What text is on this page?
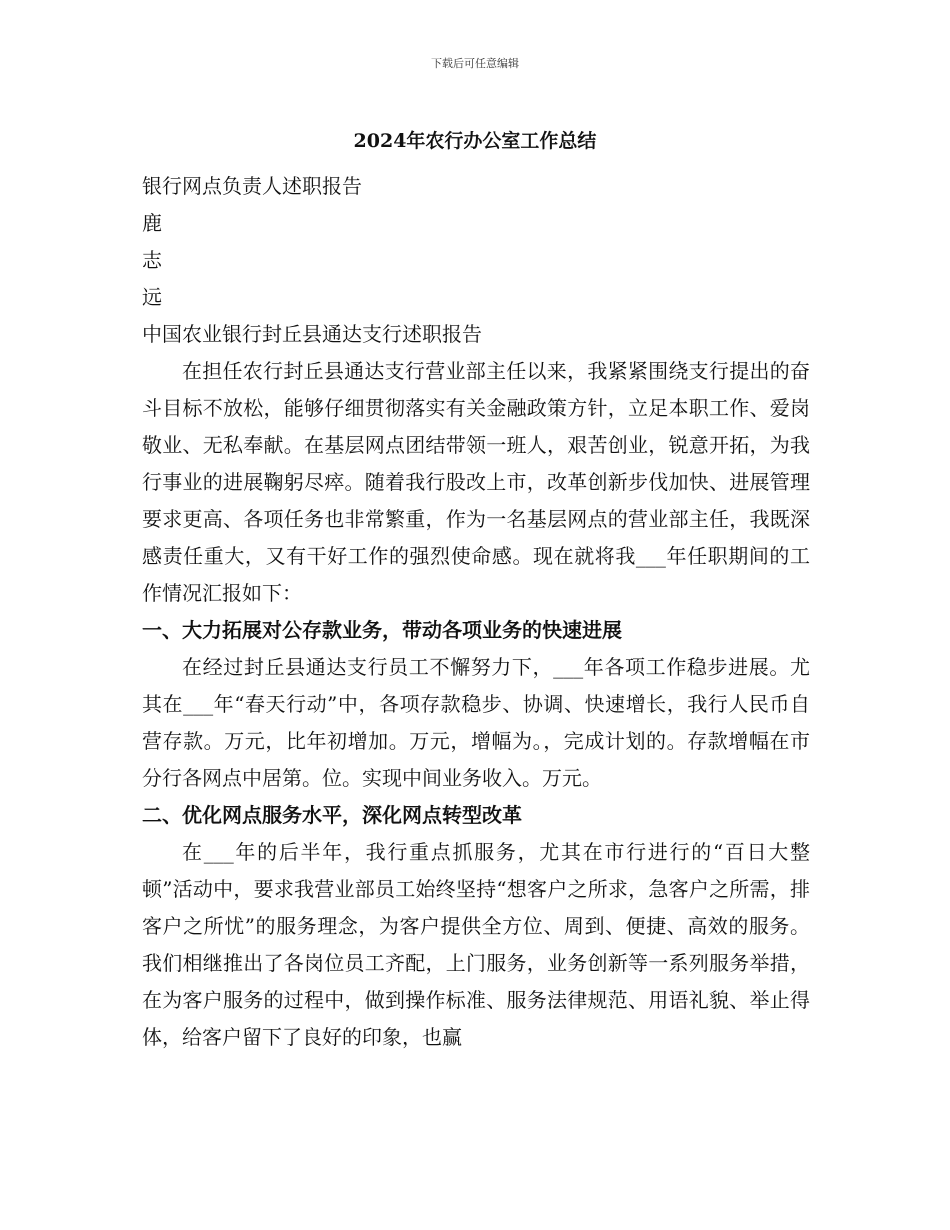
下载后可任意编辑
2024年农行办公室工作总结

银行网点负责人述职报告

鹿

志

远

中国农业银行封丘县通达支行述职报告

在担任农行封丘县通达支行营业部主任以来，我紧紧围绕支行提出的奋斗目标不放松，能够仔细贯彻落实有关金融政策方针，立足本职工作、爱岗敬业、无私奉献。在基层网点团结带领一班人，艰苦创业，锐意开拓，为我行事业的进展鞠躬尽瘁。随着我行股改上市，改革创新步伐加快、进展管理要求更高、各项任务也非常繁重，作为一名基层网点的营业部主任，我既深感责任重大，又有干好工作的强烈使命感。现在就将我___年任职期间的工作情况汇报如下：

一、大力拓展对公存款业务，带动各项业务的快速进展

在经过封丘县通达支行员工不懈努力下，___年各项工作稳步进展。尤其在___年“春天行动”中，各项存款稳步、协调、快速增长，我行人民币自营存款。万元，比年初增加。万元，增幅为。，完成计划的。存款增幅在市分行各网点中居第。位。实现中间业务收入。万元。

二、优化网点服务水平，深化网点转型改革

在___年的后半年，我行重点抓服务，尤其在市行进行的“百日大整顿”活动中，要求我营业部员工始终坚持“想客户之所求，急客户之所需，排客户之所忧”的服务理念，为客户提供全方位、周到、便捷、高效的服务。我们相继推出了各岗位员工齐配，上门服务，业务创新等一系列服务举措，在为客户服务的过程中，做到操作标准、服务法律规范、用语礼貌、举止得体，给客户留下了良好的印象，也赢
